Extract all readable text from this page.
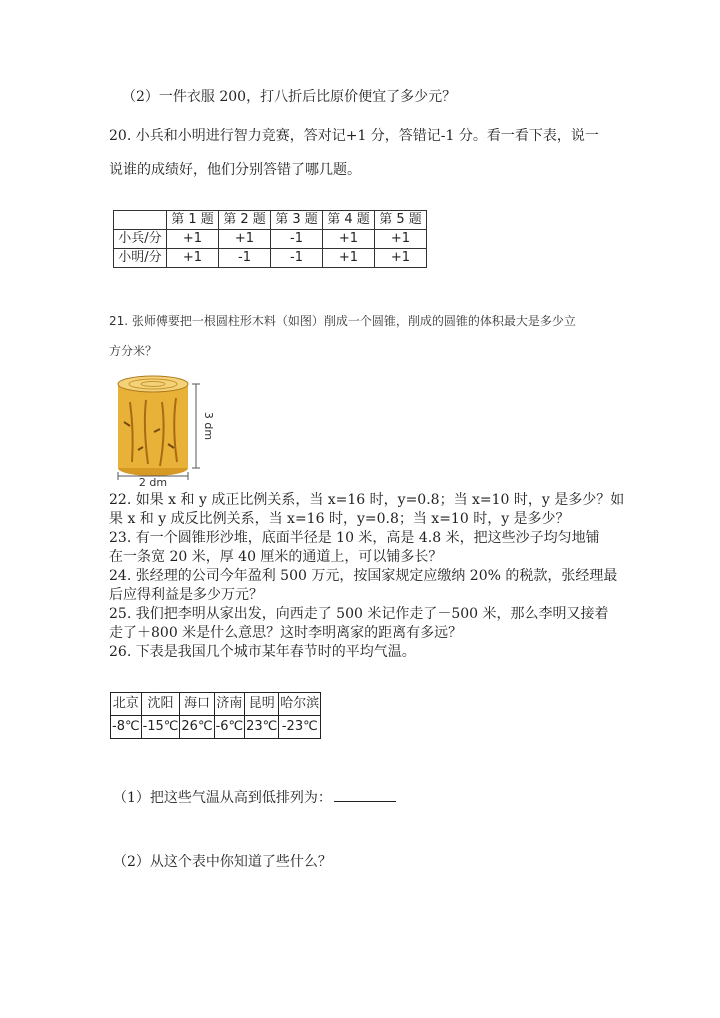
（2）一件衣服 200，打八折后比原价便宜了多少元？
20. 小兵和小明进行智力竞赛，答对记+1 分，答错记-1 分。看一看下表，说一
说谁的成绩好，他们分别答错了哪几题。
	第 1 题	第 2 题	第 3 题	第 4 题	第 5 题
小兵/分	+1	+1	-1	+1	+1
小明/分	+1	-1	-1	+1	+1
21. 张师傅要把一根圆柱形木料（如图）削成一个圆锥，削成的圆锥的体积最大是多少立
方分米？
3 dm
2 dm
22. 如果 x 和 y 成正比例关系，当 x=16 时，y=0.8；当 x=10 时，y 是多少？如
果 x 和 y 成反比例关系，当 x=16 时，y=0.8；当 x=10 时，y 是多少？
23. 有一个圆锥形沙堆，底面半径是 10 米，高是 4.8 米，把这些沙子均匀地铺
在一条宽 20 米，厚 40 厘米的通道上，可以铺多长？
24. 张经理的公司今年盈利 500 万元，按国家规定应缴纳 20% 的税款，张经理最
后应得利益是多少万元？
25. 我们把李明从家出发，向西走了 500 米记作走了－500 米，那么李明又接着
走了＋800 米是什么意思？这时李明离家的距离有多远？
26. 下表是我国几个城市某年春节时的平均气温。
北京	沈阳	海口	济南	昆明	哈尔滨
-8℃	-15℃	26℃	-6℃	23℃	-23℃
（1）把这些气温从高到低排列为：
（2）从这个表中你知道了些什么？
